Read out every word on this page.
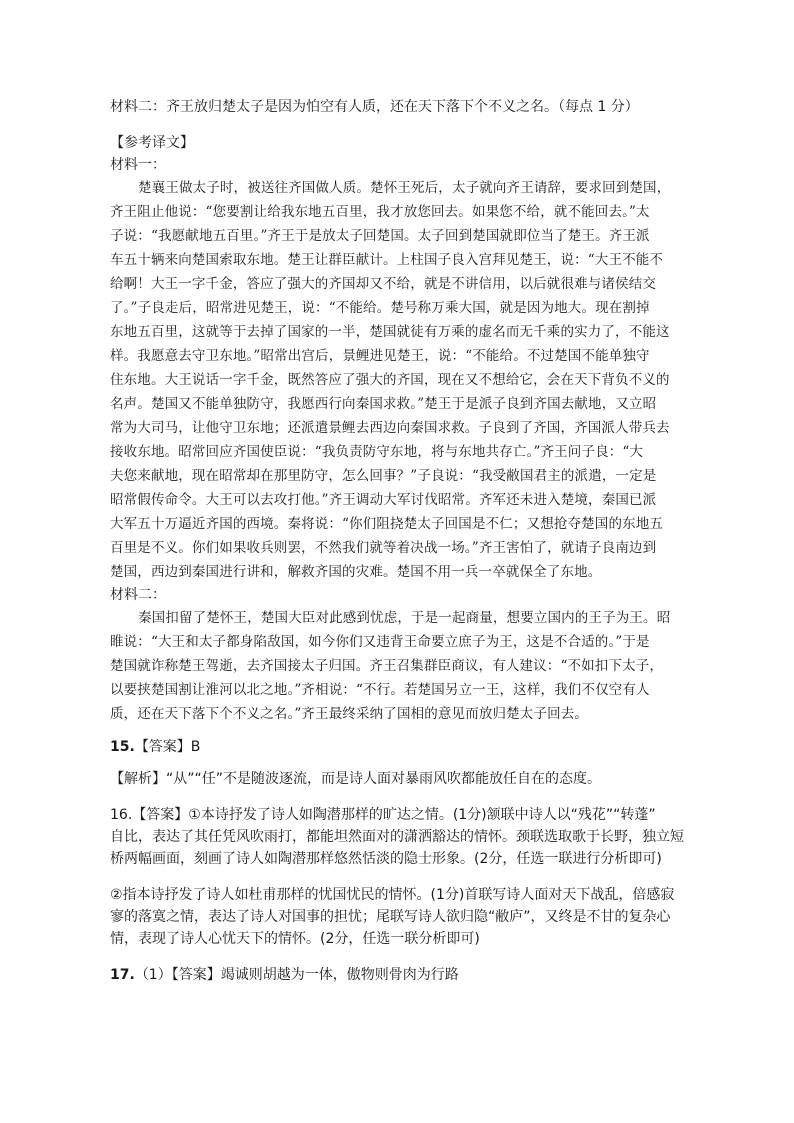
材料二：齐王放归楚太子是因为怕空有人质，还在天下落下个不义之名。（每点 1 分）
【参考译文】
材料一：
楚襄王做太子时，被送往齐国做人质。楚怀王死后，太子就向齐王请辞，要求回到楚国，
齐王阻止他说：“您要割让给我东地五百里，我才放您回去。如果您不给，就不能回去。”太
子说：“我愿献地五百里。”齐王于是放太子回楚国。太子回到楚国就即位当了楚王。齐王派
车五十辆来向楚国索取东地。楚王让群臣献计。上柱国子良入宫拜见楚王，说：“大王不能不
给啊！大王一字千金，答应了强大的齐国却又不给，就是不讲信用，以后就很难与诸侯结交
了。”子良走后，昭常进见楚王，说：“不能给。楚号称万乘大国，就是因为地大。现在割掉
东地五百里，这就等于去掉了国家的一半，楚国就徒有万乘的虚名而无千乘的实力了，不能这
样。我愿意去守卫东地。”昭常出宫后，景鲤进见楚王，说：“不能给。不过楚国不能单独守
住东地。大王说话一字千金，既然答应了强大的齐国，现在又不想给它，会在天下背负不义的
名声。楚国又不能单独防守，我愿西行向秦国求救。”楚王于是派子良到齐国去献地，又立昭
常为大司马，让他守卫东地；还派遣景鲤去西边向秦国求救。子良到了齐国，齐国派人带兵去
接收东地。昭常回应齐国使臣说：“我负责防守东地，将与东地共存亡。”齐王问子良：“大
夫您来献地，现在昭常却在那里防守，怎么回事？”子良说：“我受敝国君主的派遣，一定是
昭常假传命令。大王可以去攻打他。”齐王调动大军讨伐昭常。齐军还未进入楚境，秦国已派
大军五十万逼近齐国的西境。秦将说：“你们阻挠楚太子回国是不仁；又想抢夺楚国的东地五
百里是不义。你们如果收兵则罢，不然我们就等着决战一场。”齐王害怕了，就请子良南边到
楚国，西边到秦国进行讲和，解救齐国的灾难。楚国不用一兵一卒就保全了东地。
材料二：
秦国扣留了楚怀王，楚国大臣对此感到忧虑，于是一起商量，想要立国内的王子为王。昭
睢说：“大王和太子都身陷敌国，如今你们又违背王命要立庶子为王，这是不合适的。”于是
楚国就诈称楚王驾逝，去齐国接太子归国。齐王召集群臣商议，有人建议：“不如扣下太子，
以要挟楚国割让淮河以北之地。”齐相说：“不行。若楚国另立一王，这样，我们不仅空有人
质，还在天下落下个不义之名。”齐王最终采纳了国相的意见而放归楚太子回去。
15.【答案】B
【解析】“从”“任”不是随波逐流，而是诗人面对暴雨风吹都能放任自在的态度。
16.【答案】①本诗抒发了诗人如陶潜那样的旷达之情。(1分)颔联中诗人以“残花”“转蓬”
自比，表达了其任凭风吹雨打，都能坦然面对的潇洒豁达的情怀。颈联选取歌于长野，独立短
桥两幅画面，刻画了诗人如陶潜那样悠然恬淡的隐士形象。(2分，任选一联进行分析即可)
②指本诗抒发了诗人如杜甫那样的忧国忧民的情怀。(1分)首联写诗人面对天下战乱，倍感寂
寥的落寞之情，表达了诗人对国事的担忧；尾联写诗人欲归隐“敝庐”，又终是不甘的复杂心
情，表现了诗人心忧天下的情怀。(2分，任选一联分析即可)
17.（1）【答案】竭诚则胡越为一体，傲物则骨肉为行路
